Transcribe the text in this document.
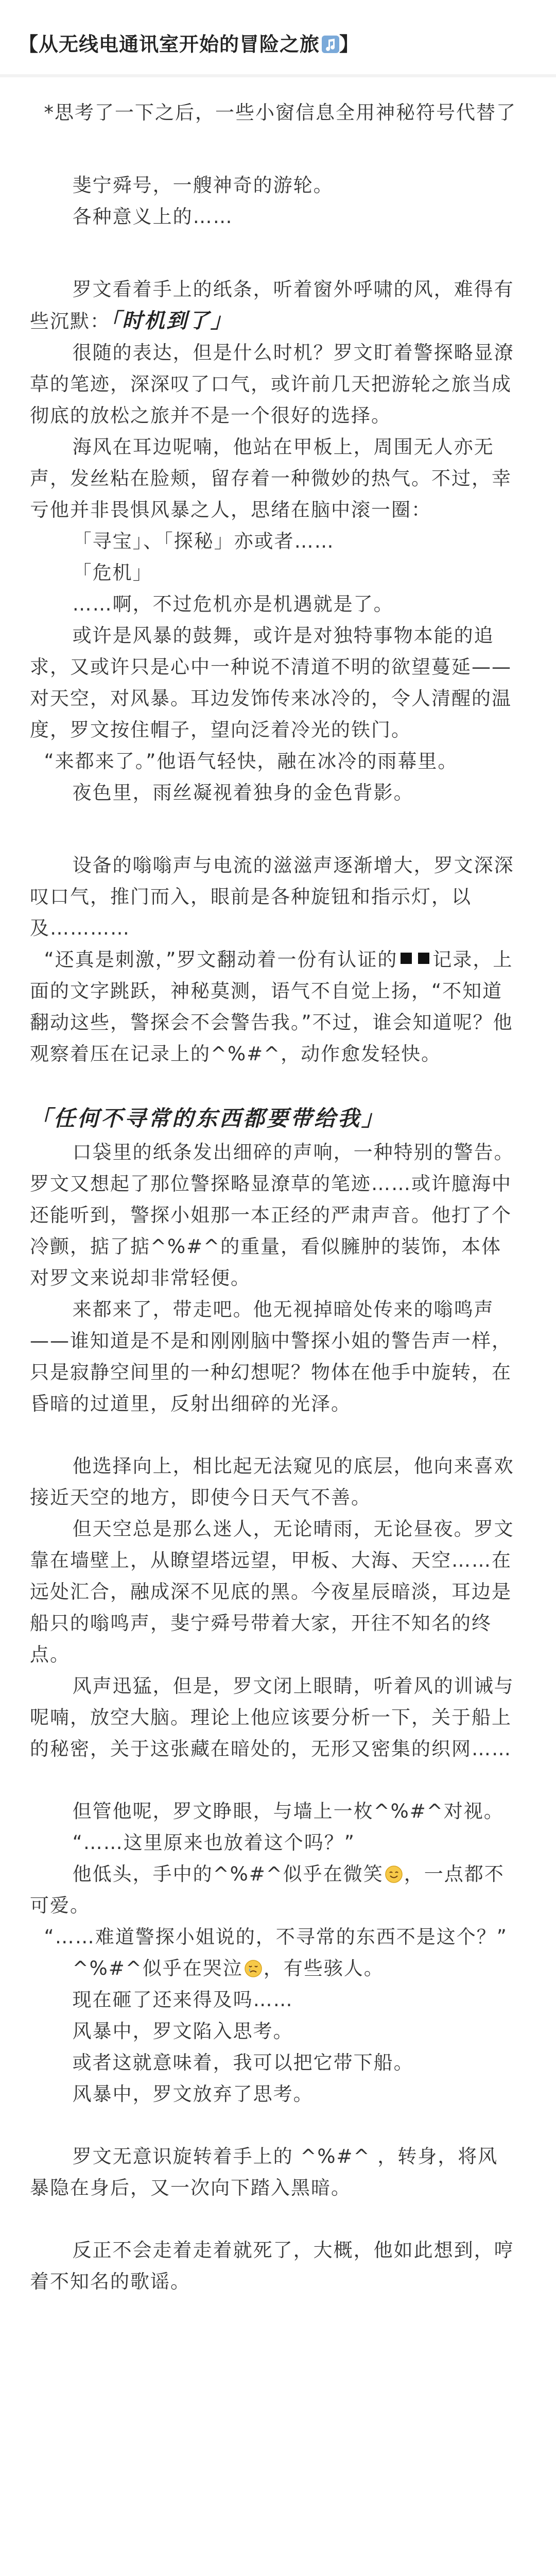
【从无线电通讯室开始的冒险之旅 】

*思考了一下之后，一些小窗信息全用神秘符号代替了

斐宁舜号，一艘神奇的游轮。

各种意义上的……

罗文看着手上的纸条，听着窗外呼啸的风，难得有些沉默：「时机到了」

很随的表达，但是什么时机？罗文盯着警探略显潦草的笔迹，深深叹了口气，或许前几天把游轮之旅当成彻底的放松之旅并不是一个很好的选择。

海风在耳边呢喃，他站在甲板上，周围无人亦无声，发丝粘在脸颊，留存着一种微妙的热气。不过，幸亏他并非畏惧风暴之人，思绪在脑中滚一圈：

「寻宝」、「探秘」亦或者……

「危机」

……啊，不过危机亦是机遇就是了。

或许是风暴的鼓舞，或许是对独特事物本能的追求，又或许只是心中一种说不清道不明的欲望蔓延——对天空，对风暴。耳边发饰传来冰冷的，令人清醒的温度，罗文按住帽子，望向泛着冷光的铁门。

“来都来了。”他语气轻快，融在冰冷的雨幕里。

夜色里，雨丝凝视着独身的金色背影。

设备的嗡嗡声与电流的滋滋声逐渐增大，罗文深深叹口气，推门而入，眼前是各种旋钮和指示灯，以及…………

“还真是刺激，”罗文翻动着一份有认证的 记录，上面的文字跳跃，神秘莫测，语气不自觉上扬，“不知道翻动这些，警探会不会警告我。”不过，谁会知道呢？他观察着压在记录上的^%#^，动作愈发轻快。

「任何不寻常的东西都要带给我」

口袋里的纸条发出细碎的声响，一种特别的警告。罗文又想起了那位警探略显潦草的笔迹……或许臆海中还能听到，警探小姐那一本正经的严肃声音。他打了个冷颤，掂了掂^%#^的重量，看似臃肿的装饰，本体对罗文来说却非常轻便。

来都来了，带走吧。他无视掉暗处传来的嗡鸣声——谁知道是不是和刚刚脑中警探小姐的警告声一样，只是寂静空间里的一种幻想呢？物体在他手中旋转，在昏暗的过道里，反射出细碎的光泽。

他选择向上，相比起无法窥见的底层，他向来喜欢接近天空的地方，即使今日天气不善。

但天空总是那么迷人，无论晴雨，无论昼夜。罗文靠在墙壁上，从瞭望塔远望，甲板、大海、天空……在远处汇合，融成深不见底的黑。今夜星辰暗淡，耳边是船只的嗡鸣声，斐宁舜号带着大家，开往不知名的终点。

风声迅猛，但是，罗文闭上眼睛，听着风的训诫与呢喃，放空大脑。理论上他应该要分析一下，关于船上的秘密，关于这张藏在暗处的，无形又密集的织网……

但管他呢，罗文睁眼，与墙上一枚^%#^对视。

“……这里原来也放着这个吗？”

他低头，手中的^%#^似乎在微笑 ，一点都不可爱。

“……难道警探小姐说的，不寻常的东西不是这个？”

^%#^似乎在哭泣 ，有些骇人。

现在砸了还来得及吗……

风暴中，罗文陷入思考。

或者这就意味着，我可以把它带下船。

风暴中，罗文放弃了思考。

罗文无意识旋转着手上的 ^%#^ ，转身，将风暴隐在身后，又一次向下踏入黑暗。

反正不会走着走着就死了，大概，他如此想到，哼着不知名的歌谣。
